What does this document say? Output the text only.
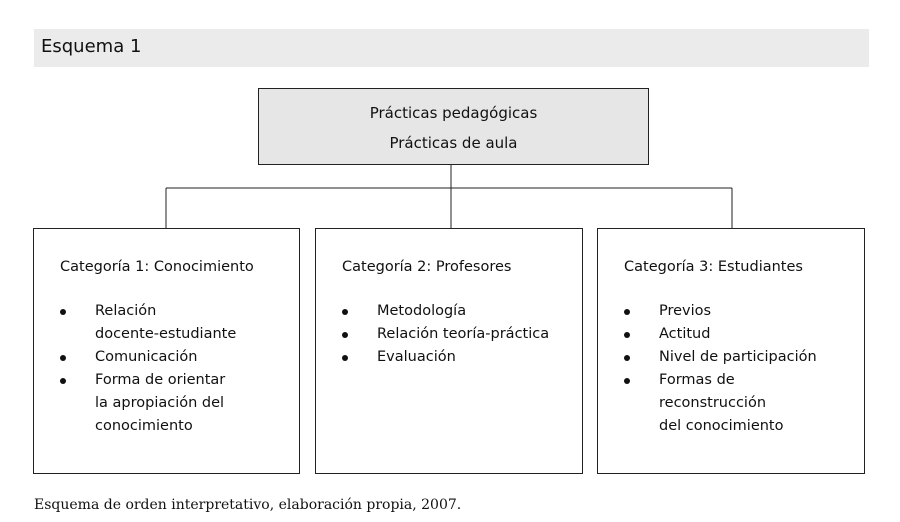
Esquema 1
Prácticas pedagógicas
Prácticas de aula
Categoría 1: Conocimiento
Relación
docente-estudiante
Comunicación
Forma de orientar
la apropiación del
conocimiento
Categoría 2: Profesores
Metodología
Relación teoría-práctica
Evaluación
Categoría 3: Estudiantes
Previos
Actitud
Nivel de participación
Formas de
reconstrucción
del conocimiento
Esquema de orden interpretativo, elaboración propia, 2007.
